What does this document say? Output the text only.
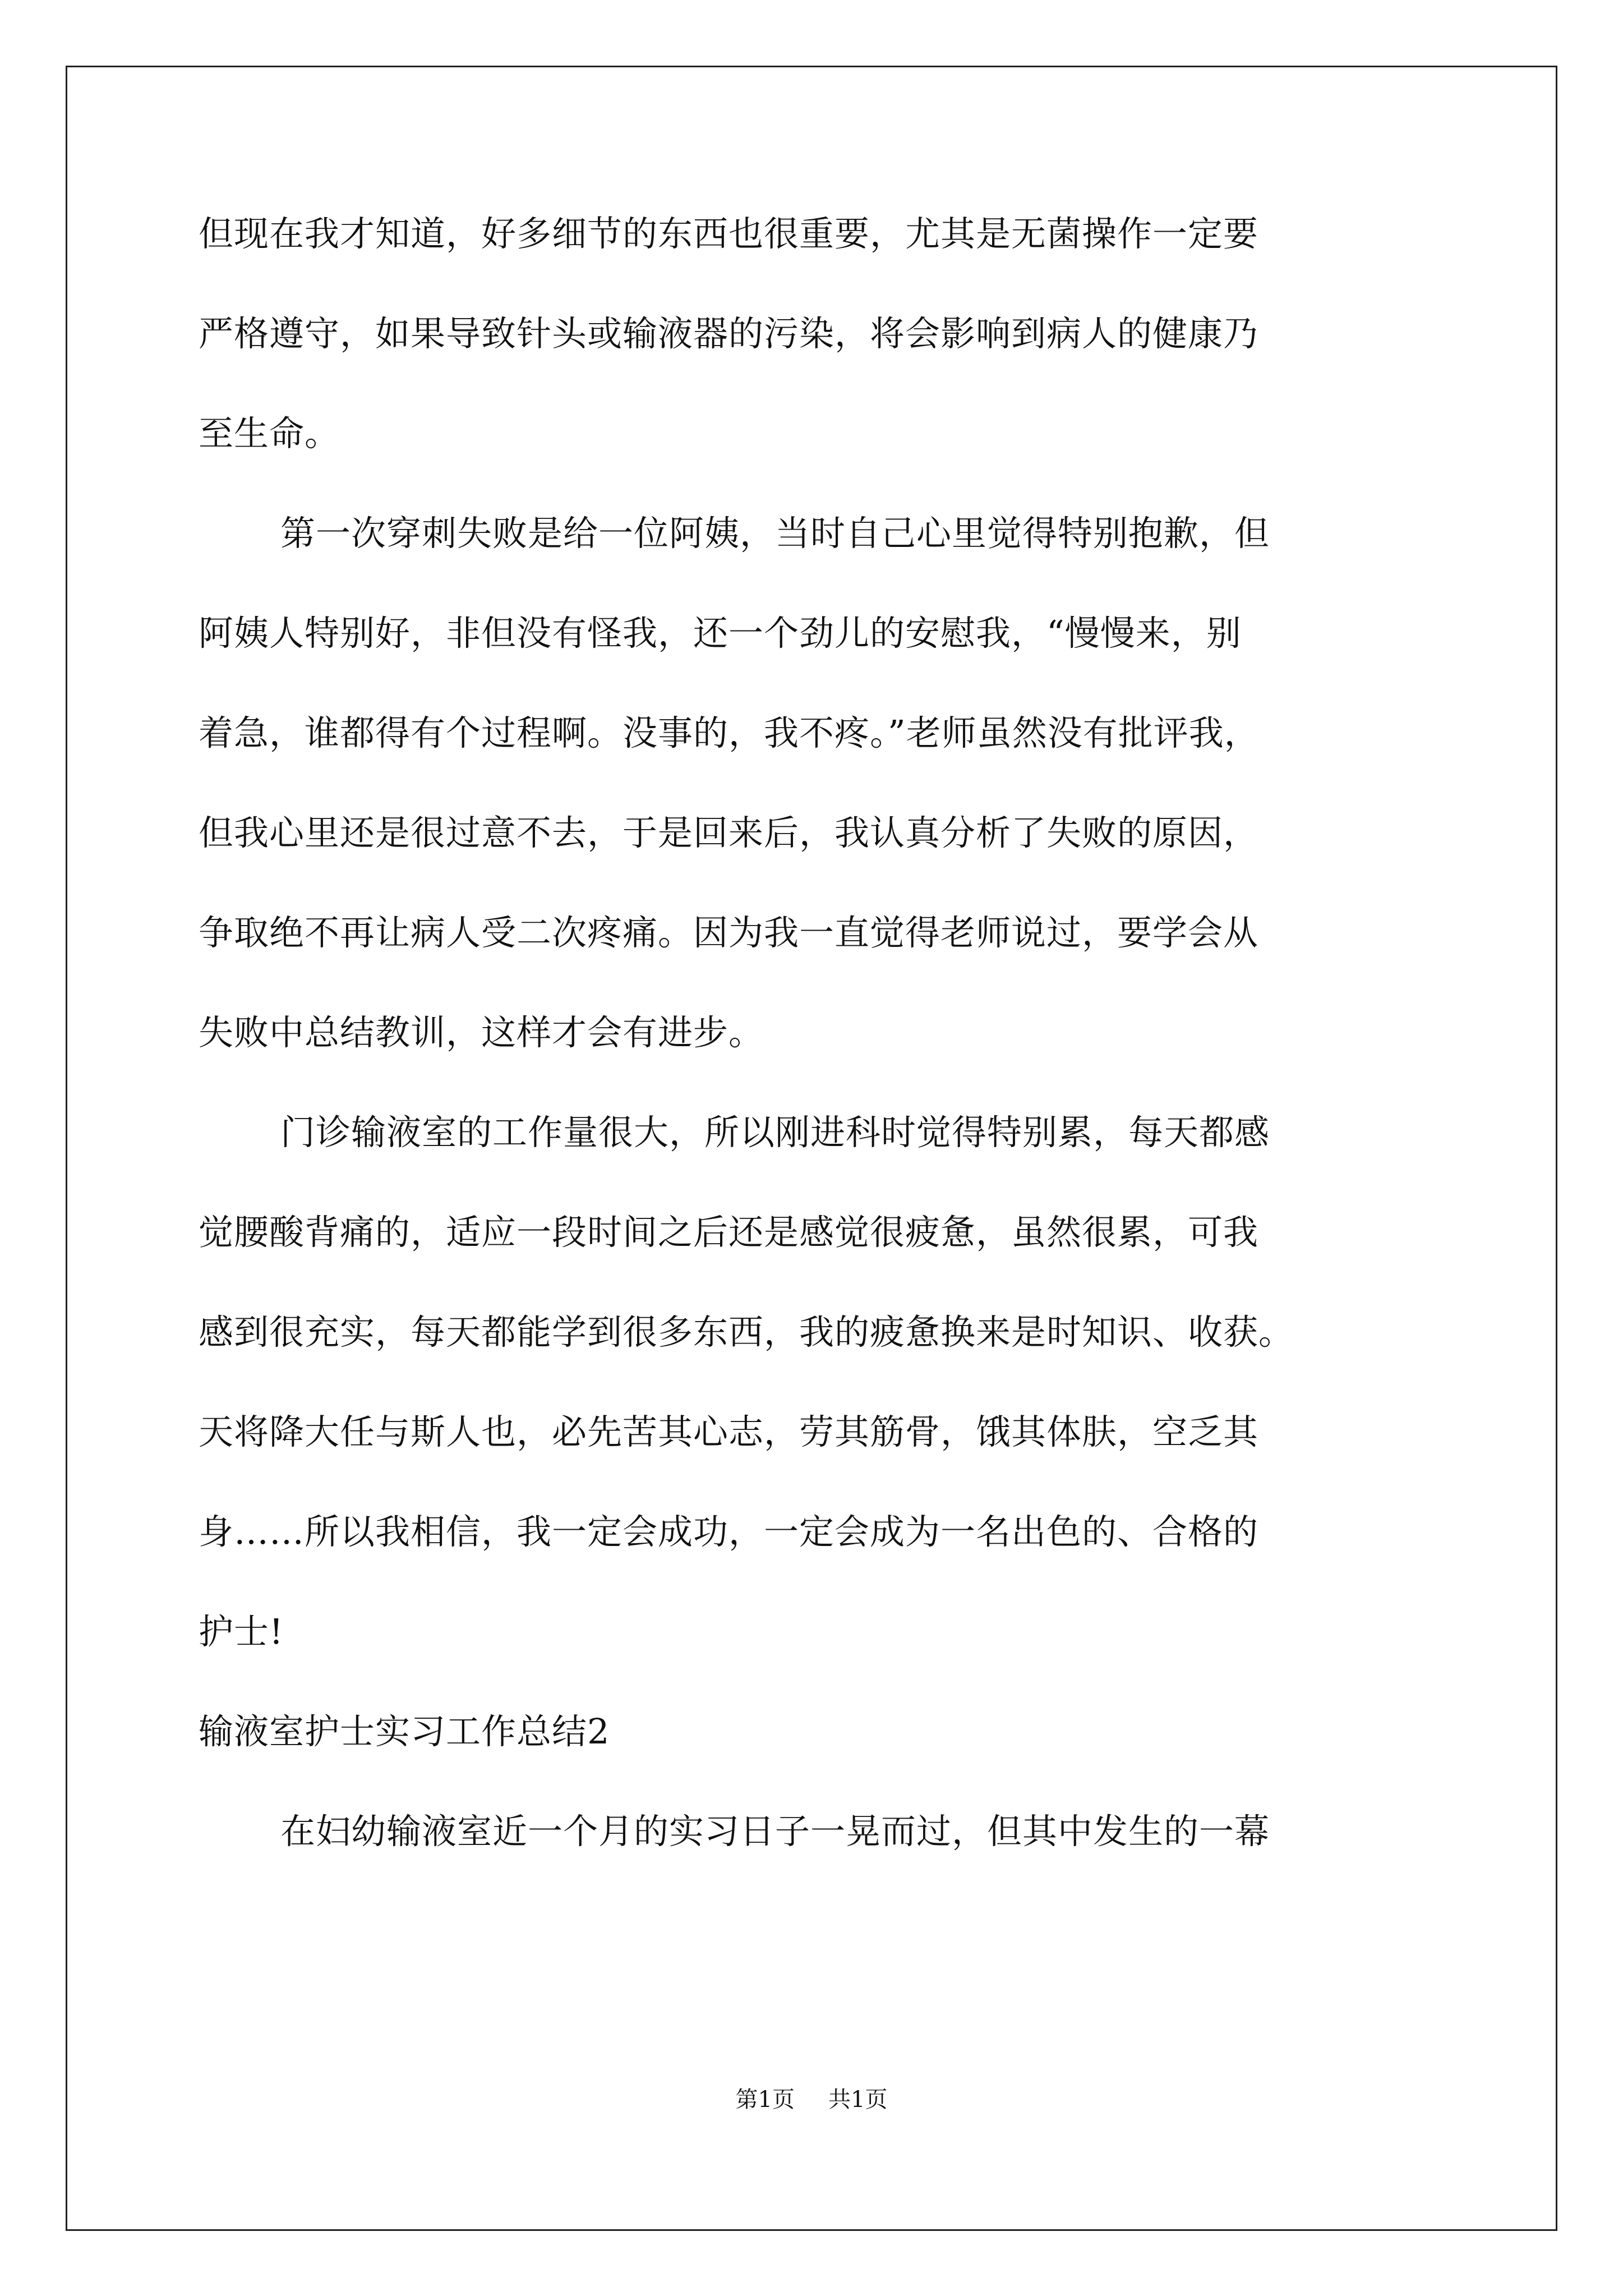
但现在我才知道，好多细节的东西也很重要，尤其是无菌操作一定要
严格遵守，如果导致针头或输液器的污染，将会影响到病人的健康乃
至生命。
第一次穿刺失败是给一位阿姨，当时自己心里觉得特别抱歉，但
阿姨人特别好，非但没有怪我，还一个劲儿的安慰我，“慢慢来，别
着急，谁都得有个过程啊。没事的，我不疼。”老师虽然没有批评我，
但我心里还是很过意不去，于是回来后，我认真分析了失败的原因，
争取绝不再让病人受二次疼痛。因为我一直觉得老师说过，要学会从
失败中总结教训，这样才会有进步。
门诊输液室的工作量很大，所以刚进科时觉得特别累，每天都感
觉腰酸背痛的，适应一段时间之后还是感觉很疲惫，虽然很累，可我
感到很充实，每天都能学到很多东西，我的疲惫换来是时知识、收获。
天将降大任与斯人也，必先苦其心志，劳其筋骨，饿其体肤，空乏其
身……所以我相信，我一定会成功，一定会成为一名出色的、合格的
护士!
输液室护士实习工作总结2
在妇幼输液室近一个月的实习日子一晃而过，但其中发生的一幕
第1页 共1页
